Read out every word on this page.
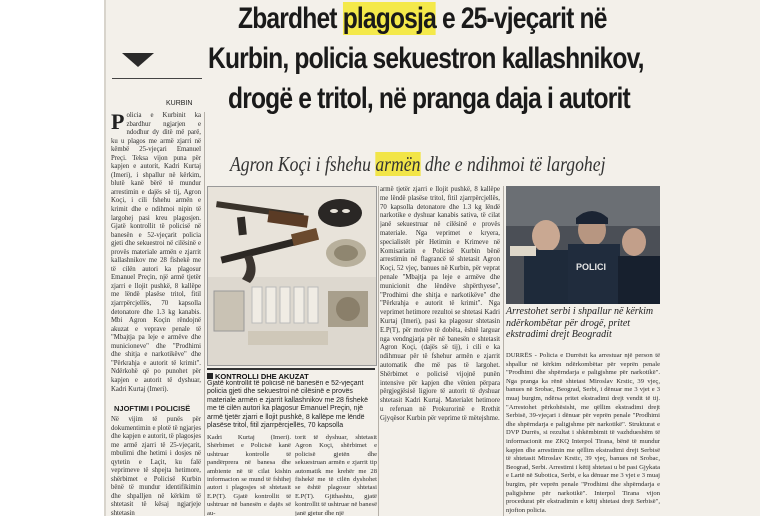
KURBIN
Zbardhet plagosja e 25-vjeçarit në
Kurbin, policia sekuestron kallashnikov,
drogë e tritol, në pranga daja i autorit
Agron Koçi i fshehu armën dhe e ndihmoi të largohej
Policia e Kurbinit ka zbardhur ngjarjen e ndodhur dy ditë më parë, ku u plagos me armë zjarri në këmbë 25-vjeçari Emanuel Preçi. Teksa vijon puna për kapjen e autorit, Kadri Kurtaj (Imeri), i shpallur në kërkim, blutë kanë bërë të mundur arrestimin e dajës së tij, Agron Koçi, i cili fshehu armën e krimit dhe e ndihmoi nipin të largohej pasi kreu plagosjen. Gjatë kontrollit të policisë në banesën e 52-vjeçarit policia gjeti dhe sekuestroi në cilësinë e provës materiale armën e zjarrit kallashnikov me 28 fishekë me të cilën autori ka plagosur Emanuel Preçin, një armë tjetër zjarri e llojit pushkë, 8 kallëpe me lëndë plasëse tritol, fitil zjarrpërcjellës, 70 kapsolla detonatore dhe 1.3 kg kanabis. Mbi Agron Koçin rëndojnë akuzat e veprave penale të "Mbajtja pa leje e armëve dhe municioneve" dhe "Prodhimi dhe shitja e narkotikëve" dhe "Përkrahja e autorit të krimit". Ndërkohë që po punohet për kapjen e autorit të dyshuar, Kadri Kurtaj (Imeri).
NJOFTIMI I POLICISË
Në vijim të punës për dokumentimin e plotë të ngjarjes dhe kapjen e autorit, të plagosjes me armë zjarri të 25-vjeçarit, mbulimi dhe hetimi i dosjes në qytetin e Laçit, ku falë veprimeve të shpejta hetimore, shërbimet e Policisë Kurbin bënë të mundur identifikimin dhe shpalljen në kërkim të shtetasit të kësaj ngjarjeje shtetasin
KONTROLLI DHE AKUZAT
Gjatë kontrollit të policisë në banesën e 52-vjeçarit policia gjeti dhe sekuestroi në cilësinë e provës materiale armën e zjarrit kallashnikov me 28 fishekë me të cilën autori ka plagosur Emanuel Preçin, një armë tjetër zjarri e llojit pushkë, 8 kallëpe me lëndë plasëse tritol, fitil zjarrpërcjellës, 70 kapsolla
Kadri Kurtaj (Imeri). Shërbimet e Policisë kanë ushtruar kontrolle të pandërprera në banesa dhe ambiente në të cilat kishin informacion se mund të fshihej autori i plagosjes së shtetasit E.P(T). Gjatë kontrollit të ushtruar në banesën e dajës së au-
torit të dyshuar, shtetasit Agron Koçi, shërbimet e policisë gjetën dhe sekuestruan armën e zjarrit tip automatik me krehër me 28 fishekë me të cilën dyshohet se është plagosur shtetasi E.P(T). Gjithashtu, gjatë kontrollit të ushtruar në banesë janë gjetur dhe një
armë tjetër zjarri e llojit pushkë, 8 kallëpe me lëndë plasëse tritol, fitil zjarrpërcjellës, 70 kapsolla detonatore dhe 1.3 kg lëndë narkotike e dyshuar kanabis sativa, të cilat janë sekuestruar në cilësinë e provës materiale. Nga veprimet e kryera, specialistët për Hetimin e Krimeve në Komisariatin e Policisë Kurbin bënë arrestimin në flagrancë të shtetasit Agron Koçi, 52 vjeç, banues në Kurbin, për veprat penale "Mbajtja pa leje e armëve dhe municionit dhe lëndëve shpërthyese", "Prodhimi dhe shitja e narkotikëve" dhe "Përkrahja e autorit të krimit". Nga veprimet hetimore rezultoi se shtetasi Kadri Kurtaj (Imeri), pasi ka plagosur shtetasin E.P(T), për motive të dobëta, është larguar nga vendngjarja për në banesën e shtetasit Agron Koçi, (dajës së tij), i cili e ka ndihmuar për të fshehur armën e zjarrit automatik dhe më pas të largohet. Shërbimet e policisë vijojnë punën intensive për kapjen dhe vënien përpara përgjegjësisë ligjore të autorit të dyshuar shtetasit Kadri Kurtaj. Materialet hetimore u referuan në Prokurorinë e Rrethit Gjyqësor Kurbin për veprime të mëtejshme.
POLICI
Arrestohet serbi i shpallur në kërkim ndërkombëtar për drogë, pritet ekstradimi drejt Beogradit
DURRËS - Policia e Durrësit ka arrestuar një person të shpallur në kërkim ndërkombëtar për veprën penale "Prodhimi dhe shpërndarja e paligjshme për narkotikë". Nga pranga ka rënë shtetasi Miroslav Krstic, 39 vjeç, banues në Srobac, Beograd, Serbi, i dënuar me 3 vjet e 3 muaj burgim, ndërsa pritet ekstradimi drejt vendit të tij. "Arrestohet përkohësisht, me qëllim ekstradimi drejt Serbisë, 39-vjeçari i dënuar për veprën penale "Prodhimi dhe shpërndarja e paligjshme për narkotikë". Strukturat e DVP Durrës, si rezultat i shkëmbimit të vazhdueshëm të informacionit me ZKQ Interpol Tirana, bënë të mundur kapjen dhe arrestimin me qëllim ekstradimi drejt Serbisë të shtetasit Miroslav Krstic, 39 vjeç, banues në Srobac, Beograd, Serbi. Arrestimi i këtij shtetasi u bë pasi Gjykata e Lartë në Subotica, Serbi, e ka dënuar me 3 vjet e 3 muaj burgim, për veprën penale "Prodhimi dhe shpërndarja e paligjshme për narkotikë". Interpol Tirana vijon procedurat për ekstradimin e këtij shtetasi drejt Serbisë", njofton policia.
